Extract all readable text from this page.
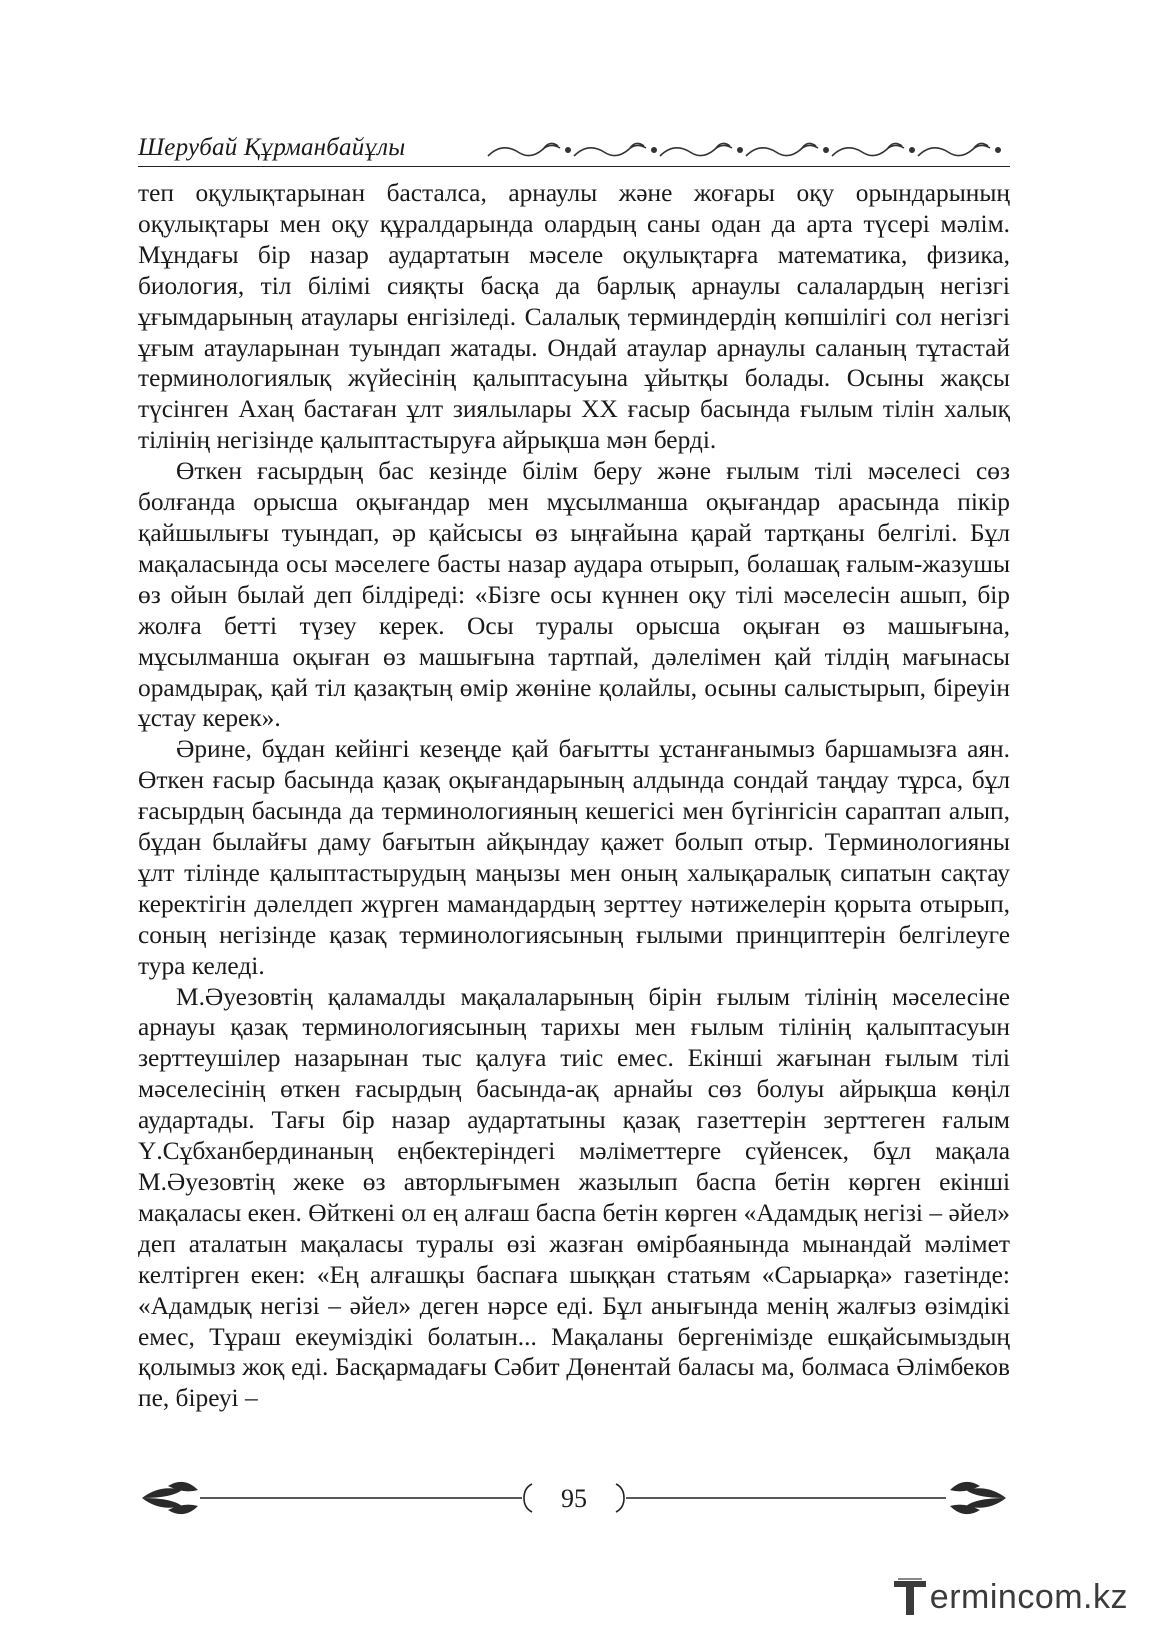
Шерубай Құрманбайұлы

теп оқулықтарынан басталса, арнаулы және жоғары оқу орындарының оқулықтары мен оқу құралдарында олардың саны одан да арта түсері мәлім. Мұндағы бір назар аудартатын мәселе оқулықтарға математика, физика, биология, тіл білімі сияқты басқа да барлық арнаулы салалардың негізгі ұғымдарының атаулары енгізіледі. Салалық терминдердің көпшілігі сол негізгі ұғым атауларынан туындап жатады. Ондай атаулар арнаулы саланың тұтастай терминологиялық жүйесінің қалыптасуына ұйытқы болады. Осыны жақсы түсінген Ахаң бастаған ұлт зиялылары ХХ ғасыр басында ғылым тілін халық тілінің негізінде қалыптастыруға айрықша мән берді.

Өткен ғасырдың бас кезінде білім беру және ғылым тілі мәселесі сөз болғанда орысша оқығандар мен мұсылманша оқығандар арасында пікір қайшылығы туындап, әр қайсысы өз ыңғайына қарай тартқаны белгілі. Бұл мақаласында осы мәселеге басты назар аудара отырып, болашақ ғалым-жазушы өз ойын былай деп білдіреді: «Бізге осы күннен оқу тілі мәселесін ашып, бір жолға бетті түзеу керек. Осы туралы орысша оқыған өз машығына, мұсылманша оқыған өз машығына тартпай, дәлелімен қай тілдің мағынасы орамдырақ, қай тіл қазақтың өмір жөніне қолайлы, осыны салыстырып, біреуін ұстау керек».

Әрине, бұдан кейінгі кезеңде қай бағытты ұстанғанымыз баршамызға аян. Өткен ғасыр басында қазақ оқығандарының алдында сондай таңдау тұрса, бұл ғасырдың басында да терминологияның кешегісі мен бүгінгісін сараптап алып, бұдан былайғы даму бағытын айқындау қажет болып отыр. Терминологияны ұлт тілінде қалыптастырудың маңызы мен оның халықаралық сипатын сақтау керектігін дәлелдеп жүрген мамандардың зерттеу нәтижелерін қорыта отырып, соның негізінде қазақ терминологиясының ғылыми принциптерін белгілеуге тура келеді.

М.Әуезовтің қаламалды мақалаларының бірін ғылым тілінің мәселесіне арнауы қазақ терминологиясының тарихы мен ғылым тілінің қалыптасуын зерттеушілер назарынан тыс қалуға тиіс емес. Екінші жағынан ғылым тілі мәселесінің өткен ғасырдың басында-ақ арнайы сөз болуы айрықша көңіл аудартады. Тағы бір назар аудартатыны қазақ газеттерін зерттеген ғалым Ү.Сұбханбердинаның еңбектеріндегі мәліметтерге сүйенсек, бұл мақала М.Әуезовтің жеке өз авторлығымен жазылып баспа бетін көрген екінші мақаласы екен. Өйткені ол ең алғаш баспа бетін көрген «Адамдық негізі – әйел» деп аталатын мақаласы туралы өзі жазған өмірбаянында мынандай мәлімет келтірген екен: «Ең алғашқы баспаға шыққан статьям «Сарыарқа» газетінде: «Адамдық негізі – әйел» деген нәрсе еді. Бұл анығында менің жалғыз өзімдікі емес, Тұраш екеуміздікі болатын... Мақаланы бергенімізде ешқайсымыздың қолымыз жоқ еді. Басқармадағы Сәбит Дөнентай баласы ма, болмаса Әлімбеков пе, біреуі –

95
ermincom.kz
